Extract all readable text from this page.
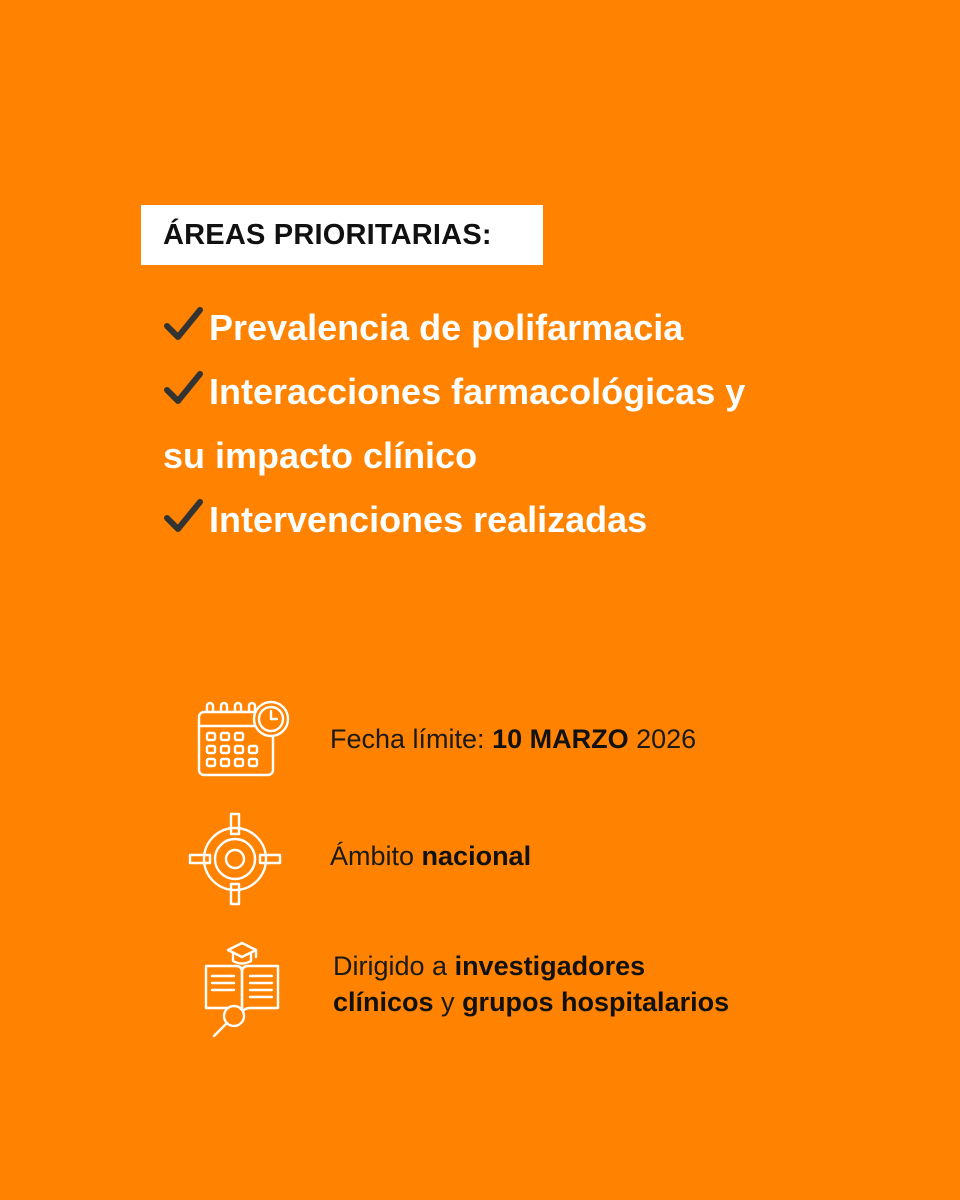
ÁREAS PRIORITARIAS:
Prevalencia de polifarmacia
Interacciones farmacológicas y
su impacto clínico
Intervenciones realizadas
Fecha límite: 10 MARZO 2026
Ámbito nacional
Dirigido a investigadores
clínicos y grupos hospitalarios
